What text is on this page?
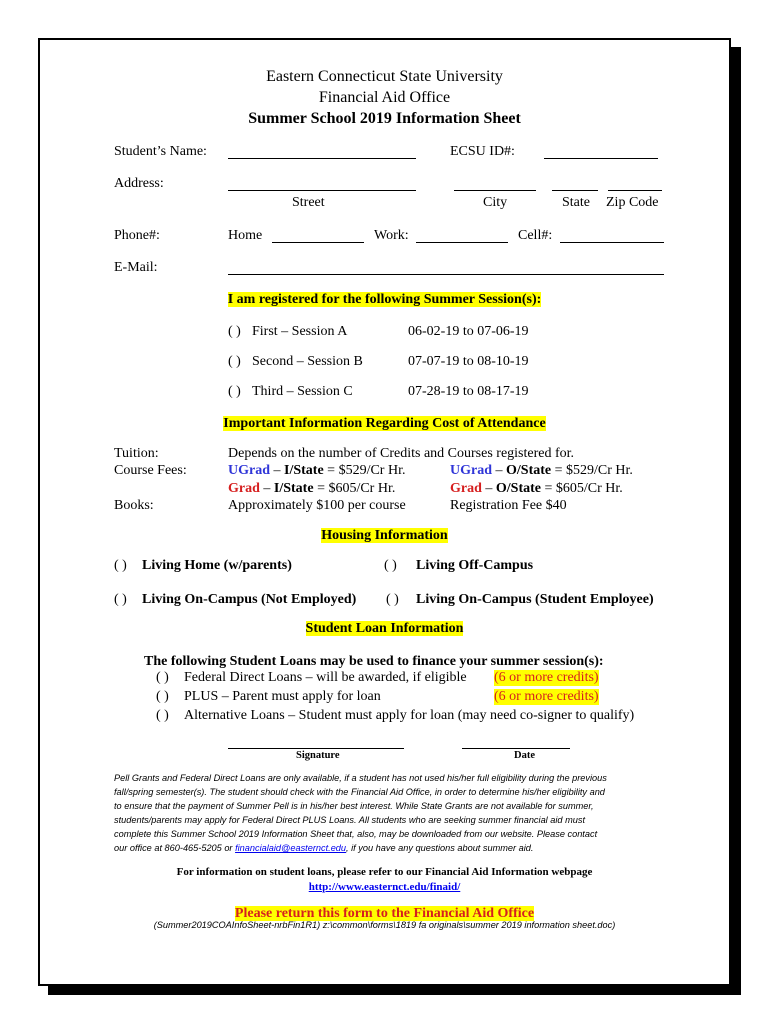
Eastern Connecticut State University
Financial Aid Office
Summer School 2019 Information Sheet
Student’s Name:	ECSU ID#:
Address:
Street	City	State Zip Code
Phone#:	Home	Work:	Cell#:
E-Mail:
I am registered for the following Summer Session(s):
( ) First – Session A	06-02-19 to 07-06-19
( ) Second – Session B	07-07-19 to 08-10-19
( ) Third – Session C	07-28-19 to 08-17-19
Important Information Regarding Cost of Attendance
Tuition:	Depends on the number of Credits and Courses registered for.
Course Fees:	UGrad – I/State = $529/Cr Hr.	UGrad – O/State = $529/Cr Hr.
Grad – I/State = $605/Cr Hr.	Grad – O/State = $605/Cr Hr.
Books:	Approximately $100 per course	Registration Fee $40
Housing Information
( ) Living Home (w/parents)	( ) Living Off-Campus
( ) Living On-Campus (Not Employed) ( ) Living On-Campus (Student Employee)
Student Loan Information
The following Student Loans may be used to finance your summer session(s):
( ) Federal Direct Loans – will be awarded, if eligible (6 or more credits)
( ) PLUS – Parent must apply for loan	(6 or more credits)
( ) Alternative Loans – Student must apply for loan (may need co-signer to qualify)
Signature	Date
Pell Grants and Federal Direct Loans are only available, if a student has not used his/her full eligibility during the previous
fall/spring semester(s). The student should check with the Financial Aid Office, in order to determine his/her eligibility and
to ensure that the payment of Summer Pell is in his/her best interest. While State Grants are not available for summer,
students/parents may apply for Federal Direct PLUS Loans. All students who are seeking summer financial aid must
complete this Summer School 2019 Information Sheet that, also, may be downloaded from our website. Please contact
our office at 860-465-5205 or financialaid@easternct.edu, if you have any questions about summer aid.
For information on student loans, please refer to our Financial Aid Information webpage
http://www.easternct.edu/finaid/
Please return this form to the Financial Aid Office
(Summer2019COAInfoSheet-nrbFin1R1) z:\common\forms\1819 fa originals\summer 2019 information sheet.doc)
